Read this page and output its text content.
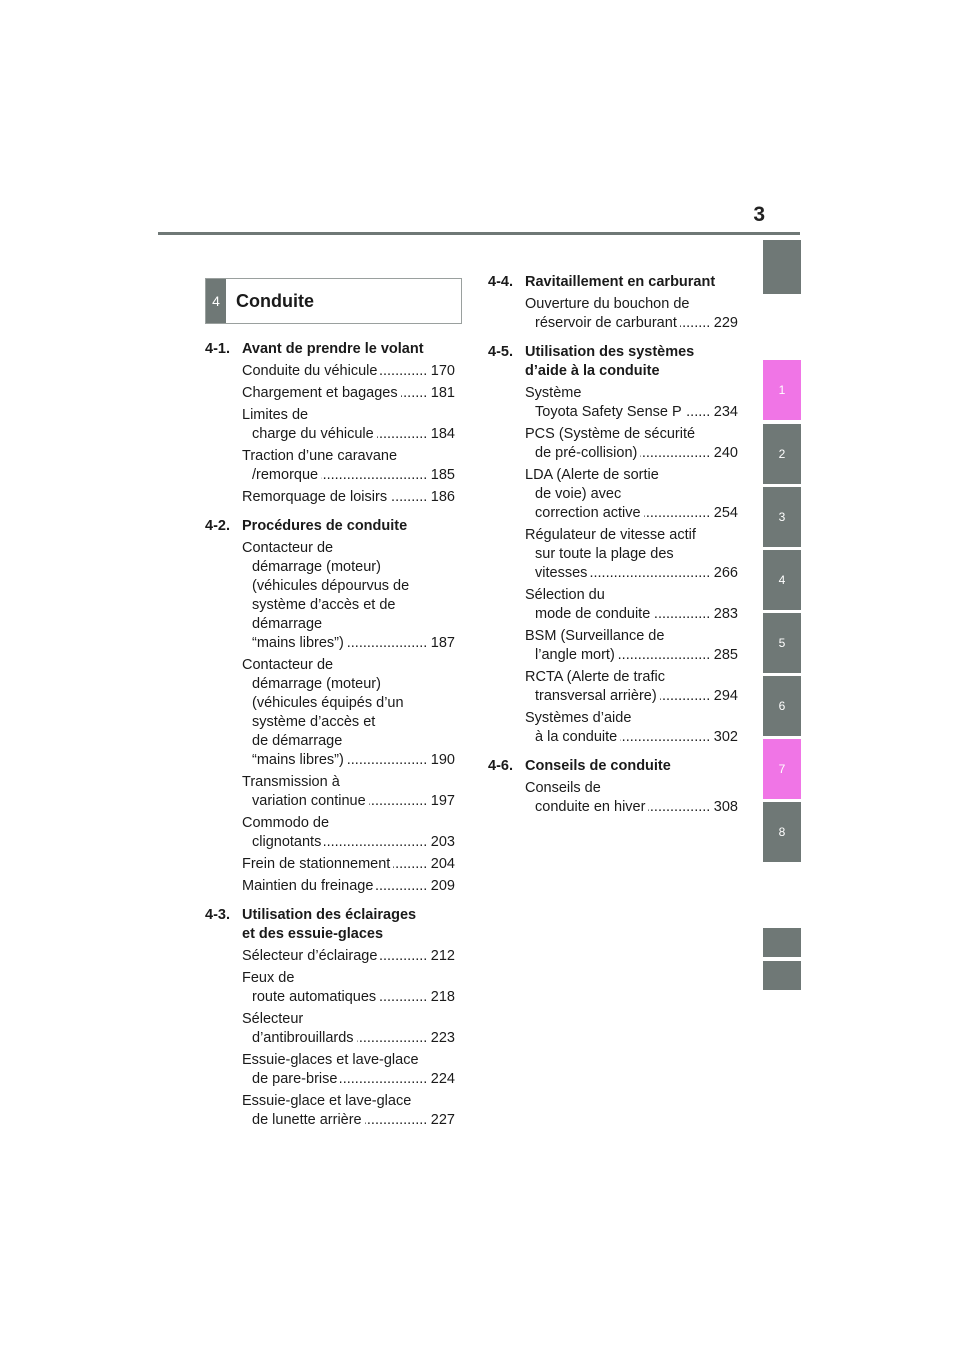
3
1
2
3
4
5
6
7
8
4 Conduite
4-1. Avant de prendre le volant
Conduite du véhicule .....	170
Chargement et bagages .....	181
Limites de
charge du véhicule .....	184
Traction d’une caravane
/remorque .....	185
Remorquage de loisirs .....	186
4-2. Procédures de conduite
Contacteur de
démarrage (moteur)
(véhicules dépourvus de
système d’accès et de
démarrage
“mains libres”) .....	187
Contacteur de
démarrage (moteur)
(véhicules équipés d’un
système d’accès et
de démarrage
“mains libres”) .....	190
Transmission à
variation continue .....	197
Commodo de
clignotants .....	203
Frein de stationnement .....	204
Maintien du freinage .....	209
4-3. Utilisation des éclairages
et des essuie-glaces
Sélecteur d’éclairage .....	212
Feux de
route automatiques .....	218
Sélecteur
d’antibrouillards .....	223
Essuie-glaces et lave-glace
de pare-brise .....	224
Essuie-glace et lave-glace
de lunette arrière .....	227
4-4. Ravitaillement en carburant
Ouverture du bouchon de
réservoir de carburant .....	229
4-5. Utilisation des systèmes
d’aide à la conduite
Système
Toyota Safety Sense P .....	234
PCS (Système de sécurité
de pré-collision) .....	240
LDA (Alerte de sortie
de voie) avec
correction active .....	254
Régulateur de vitesse actif
sur toute la plage des
vitesses .....	266
Sélection du
mode de conduite .....	283
BSM (Surveillance de
l’angle mort) .....	285
RCTA (Alerte de trafic
transversal arrière) .....	294
Systèmes d’aide
à la conduite .....	302
4-6. Conseils de conduite
Conseils de
conduite en hiver .....	308
